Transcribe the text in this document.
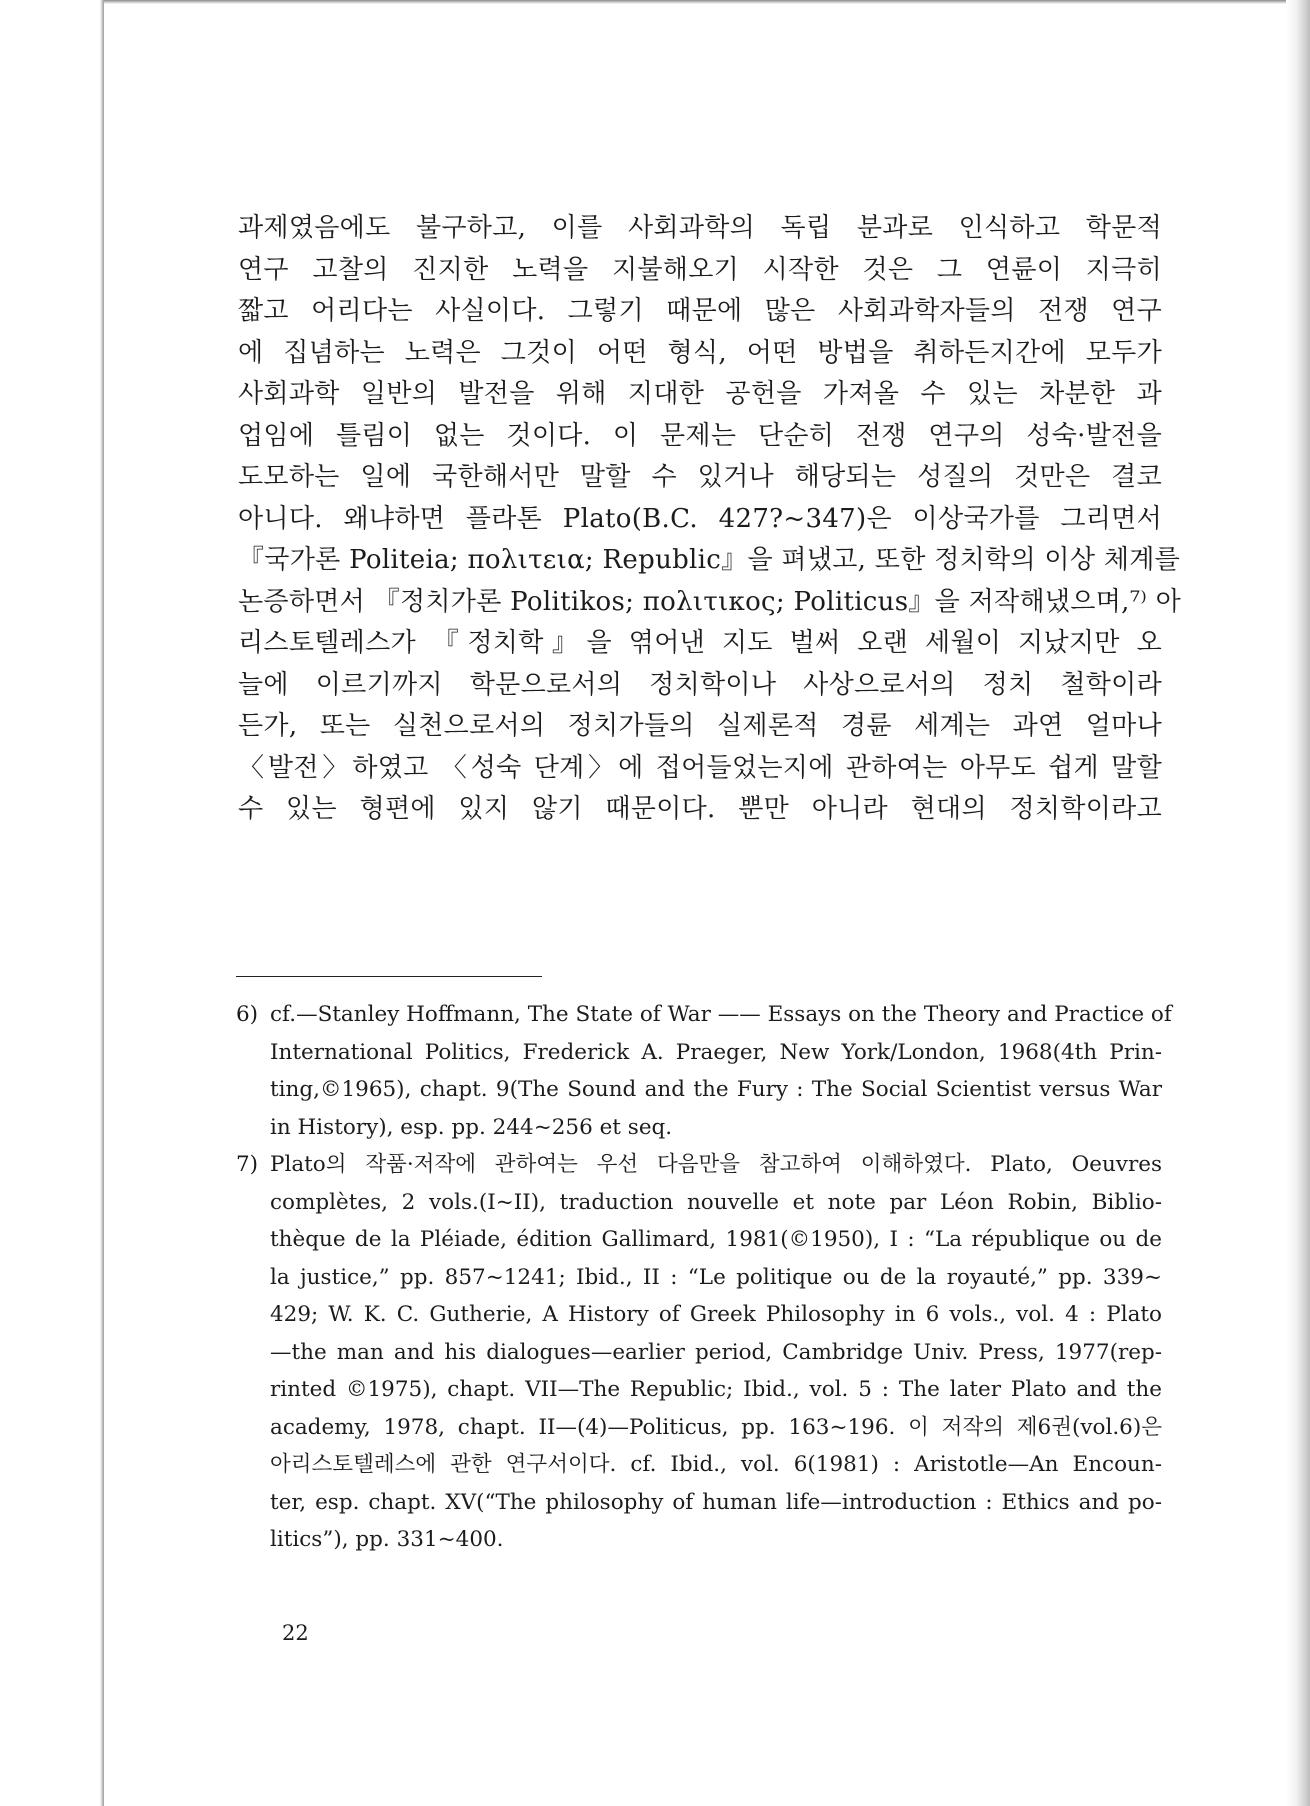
과제였음에도 불구하고, 이를 사회과학의 독립 분과로 인식하고 학문적
연구 고찰의 진지한 노력을 지불해오기 시작한 것은 그 연륜이 지극히
짧고 어리다는 사실이다. 그렇기 때문에 많은 사회과학자들의 전쟁 연구
에 집념하는 노력은 그것이 어떤 형식, 어떤 방법을 취하든지간에 모두가
사회과학 일반의 발전을 위해 지대한 공헌을 가져올 수 있는 차분한 과
업임에 틀림이 없는 것이다. 이 문제는 단순히 전쟁 연구의 성숙·발전을
도모하는 일에 국한해서만 말할 수 있거나 해당되는 성질의 것만은 결코
아니다. 왜냐하면 플라톤 Plato(B.C. 427?~347)은 이상국가를 그리면서
『국가론 Politeia; πολιτεια; Republic』을 펴냈고, 또한 정치학의 이상 체계를
논증하면서 『정치가론 Politikos; πολιτικος; Politicus』을 저작해냈으며,⁷⁾ 아
리스토텔레스가 『정치학』을 엮어낸 지도 벌써 오랜 세월이 지났지만 오
늘에 이르기까지 학문으로서의 정치학이나 사상으로서의 정치 철학이라
든가, 또는 실천으로서의 정치가들의 실제론적 경륜 세계는 과연 얼마나
〈발전〉하였고 〈성숙 단계〉에 접어들었는지에 관하여는 아무도 쉽게 말할
수 있는 형편에 있지 않기 때문이다. 뿐만 아니라 현대의 정치학이라고
6) cf.—Stanley Hoffmann, The State of War —— Essays on the Theory and Practice of
International Politics, Frederick A. Praeger, New York/London, 1968(4th Prin-
ting,©1965), chapt. 9(The Sound and the Fury : The Social Scientist versus War
in History), esp. pp. 244~256 et seq.
7) Plato의 작품·저작에 관하여는 우선 다음만을 참고하여 이해하였다. Plato, Oeuvres
complètes, 2 vols.(I~II), traduction nouvelle et note par Léon Robin, Biblio-
thèque de la Pléiade, édition Gallimard, 1981(©1950), I : “La république ou de
la justice,” pp. 857~1241; Ibid., II : “Le politique ou de la royauté,” pp. 339~
429; W. K. C. Gutherie, A History of Greek Philosophy in 6 vols., vol. 4 : Plato
—the man and his dialogues—earlier period, Cambridge Univ. Press, 1977(rep-
rinted ©1975), chapt. VII—The Republic; Ibid., vol. 5 : The later Plato and the
academy, 1978, chapt. II—(4)—Politicus, pp. 163~196. 이 저작의 제6권(vol.6)은
아리스토텔레스에 관한 연구서이다. cf. Ibid., vol. 6(1981) : Aristotle—An Encoun-
ter, esp. chapt. XV(“The philosophy of human life—introduction : Ethics and po-
litics”), pp. 331~400.
22
